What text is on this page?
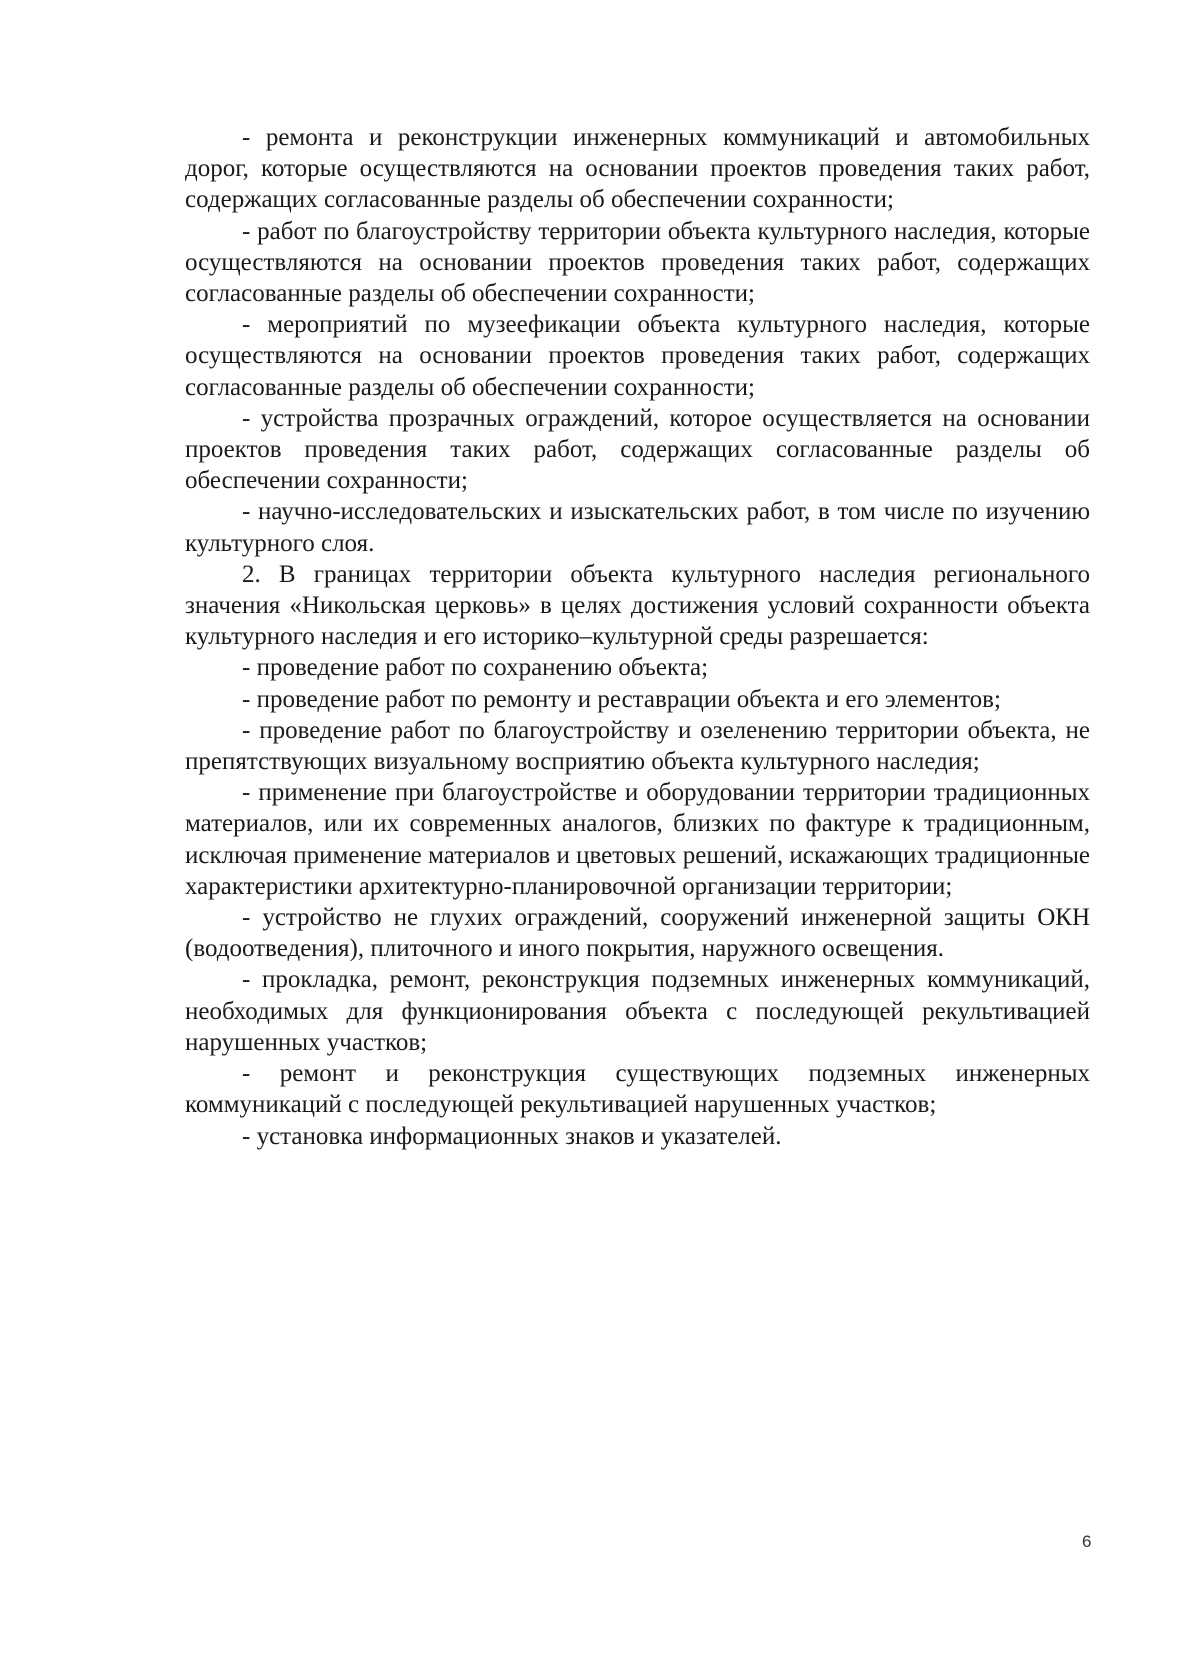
- ремонта и реконструкции инженерных коммуникаций и автомобильных дорог, которые осуществляются на основании проектов проведения таких работ, содержащих согласованные разделы об обеспечении сохранности;

- работ по благоустройству территории объекта культурного наследия, которые осуществляются на основании проектов проведения таких работ, содержащих согласованные разделы об обеспечении сохранности;

- мероприятий по музеефикации объекта культурного наследия, которые осуществляются на основании проектов проведения таких работ, содержащих согласованные разделы об обеспечении сохранности;

- устройства прозрачных ограждений, которое осуществляется на основании проектов проведения таких работ, содержащих согласованные разделы об обеспечении сохранности;

- научно-исследовательских и изыскательских работ, в том числе по изучению культурного слоя.

2. В границах территории объекта культурного наследия регионального значения «Никольская церковь» в целях достижения условий сохранности объекта культурного наследия и его историко–культурной среды разрешается:

- проведение работ по сохранению объекта;

- проведение работ по ремонту и реставрации объекта и его элементов;

- проведение работ по благоустройству и озеленению территории объекта, не препятствующих визуальному восприятию объекта культурного наследия;

- применение при благоустройстве и оборудовании территории традиционных материалов, или их современных аналогов, близких по фактуре к традиционным, исключая применение материалов и цветовых решений, искажающих традиционные характеристики архитектурно-планировочной организации территории;

- устройство не глухих ограждений, сооружений инженерной защиты ОКН (водоотведения), плиточного и иного покрытия, наружного освещения.

- прокладка, ремонт, реконструкция подземных инженерных коммуникаций, необходимых для функционирования объекта с последующей рекультивацией нарушенных участков;

- ремонт и реконструкция существующих подземных инженерных коммуникаций с последующей рекультивацией нарушенных участков;

- установка информационных знаков и указателей.

6
